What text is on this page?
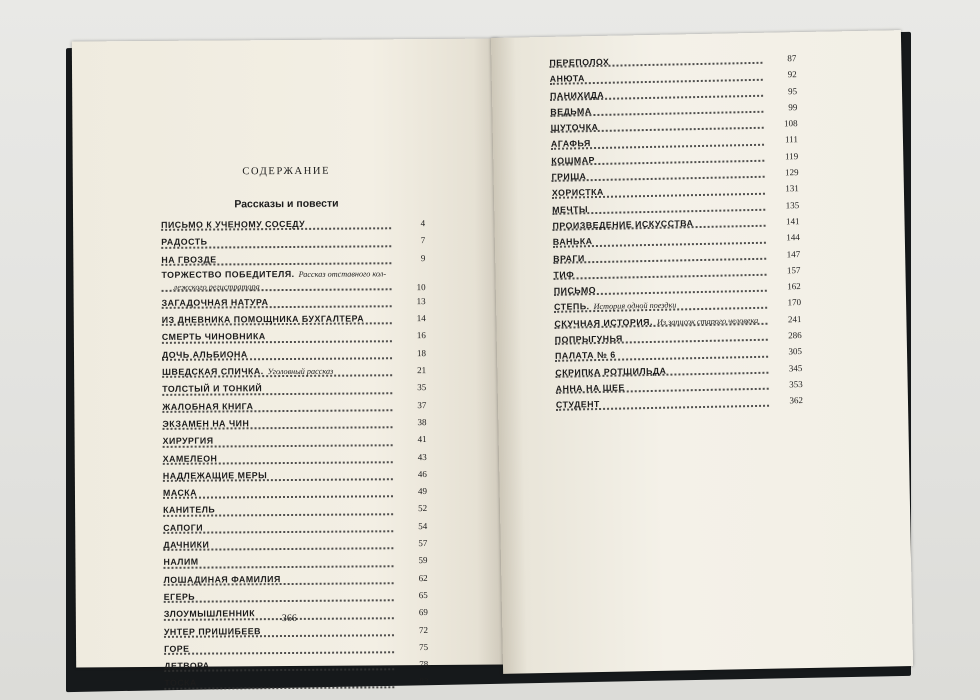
СОДЕРЖАНИЕ
Рассказы и повести
ПИСЬМО К УЧЕНОМУ СОСЕДУ	4
РАДОСТЬ	7
НА ГВОЗДЕ	9
ТОРЖЕСТВО ПОБЕДИТЕЛЯ. Рассказ отставного кол-
лежского регистратора	10
ЗАГАДОЧНАЯ НАТУРА	13
ИЗ ДНЕВНИКА ПОМОЩНИКА БУХГАЛТЕРА	14
СМЕРТЬ ЧИНОВНИКА	16
ДОЧЬ АЛЬБИОНА	18
ШВЕДСКАЯ СПИЧКА. Уголовный рассказ	21
ТОЛСТЫЙ И ТОНКИЙ	35
ЖАЛОБНАЯ КНИГА	37
ЭКЗАМЕН НА ЧИН	38
ХИРУРГИЯ	41
ХАМЕЛЕОН	43
НАДЛЕЖАЩИЕ МЕРЫ	46
МАСКА	49
КАНИТЕЛЬ	52
САПОГИ	54
ДАЧНИКИ	57
НАЛИМ	59
ЛОШАДИНАЯ ФАМИЛИЯ	62
ЕГЕРЬ	65
ЗЛОУМЫШЛЕННИК	69
УНТЕР ПРИШИБЕЕВ	72
ГОРЕ	75
ДЕТВОРА	78
ТОСКА	83
366
ПЕРЕПОЛОХ	87
АНЮТА	92
ПАНИХИДА	95
ВЕДЬМА	99
ШУТОЧКА	108
АГАФЬЯ	111
КОШМАР	119
ГРИША	129
ХОРИСТКА	131
МЕЧТЫ	135
ПРОИЗВЕДЕНИЕ ИСКУССТВА	141
ВАНЬКА	144
ВРАГИ	147
ТИФ	157
ПИСЬМО	162
СТЕПЬ. История одной поездки	170
СКУЧНАЯ ИСТОРИЯ. Из записок старого человека	241
ПОПРЫГУНЬЯ	286
ПАЛАТА № 6	305
СКРИПКА РОТШИЛЬДА	345
АННА НА ШЕЕ	353
СТУДЕНТ	362
